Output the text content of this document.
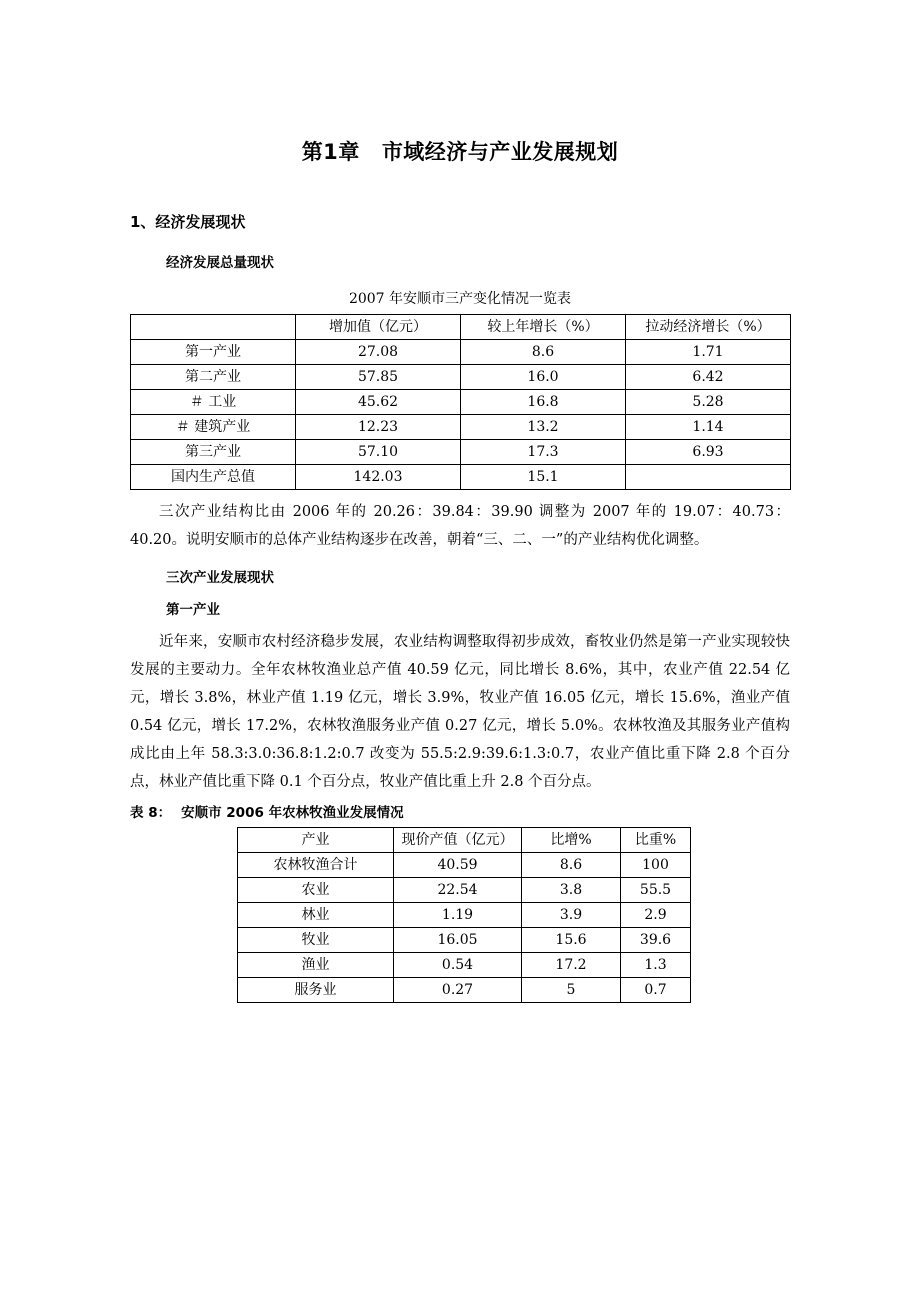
第1章 市域经济与产业发展规划
1、经济发展现状
经济发展总量现状
2007 年安顺市三产变化情况一览表
	增加值（亿元）	较上年增长（%）	拉动经济增长（%）
第一产业	27.08	8.6	1.71
第二产业	57.85	16.0	6.42
＃ 工业	45.62	16.8	5.28
＃ 建筑产业	12.23	13.2	1.14
第三产业	57.10	17.3	6.93
国内生产总值	142.03	15.1	

三次产业结构比由 2006 年的 20.26：39.84：39.90 调整为 2007 年的 19.07：40.73：40.20。说明安顺市的总体产业结构逐步在改善，朝着“三、二、一”的产业结构优化调整。

三次产业发展现状
第一产业

近年来，安顺市农村经济稳步发展，农业结构调整取得初步成效，畜牧业仍然是第一产业实现较快发展的主要动力。全年农林牧渔业总产值 40.59 亿元，同比增长 8.6%，其中，农业产值 22.54 亿元，增长 3.8%，林业产值 1.19 亿元，增长 3.9%，牧业产值 16.05 亿元，增长 15.6%，渔业产值 0.54 亿元，增长 17.2%，农林牧渔服务业产值 0.27 亿元，增长 5.0%。农林牧渔及其服务业产值构成比由上年 58.3:3.0:36.8:1.2:0.7 改变为 55.5:2.9:39.6:1.3:0.7，农业产值比重下降 2.8 个百分点，林业产值比重下降 0.1 个百分点，牧业产值比重上升 2.8 个百分点。

表 8： 安顺市 2006 年农林牧渔业发展情况
产业	现价产值（亿元）	比增%	比重%
农林牧渔合计	40.59	8.6	100
农业	22.54	3.8	55.5
林业	1.19	3.9	2.9
牧业	16.05	15.6	39.6
渔业	0.54	17.2	1.3
服务业	0.27	5	0.7
